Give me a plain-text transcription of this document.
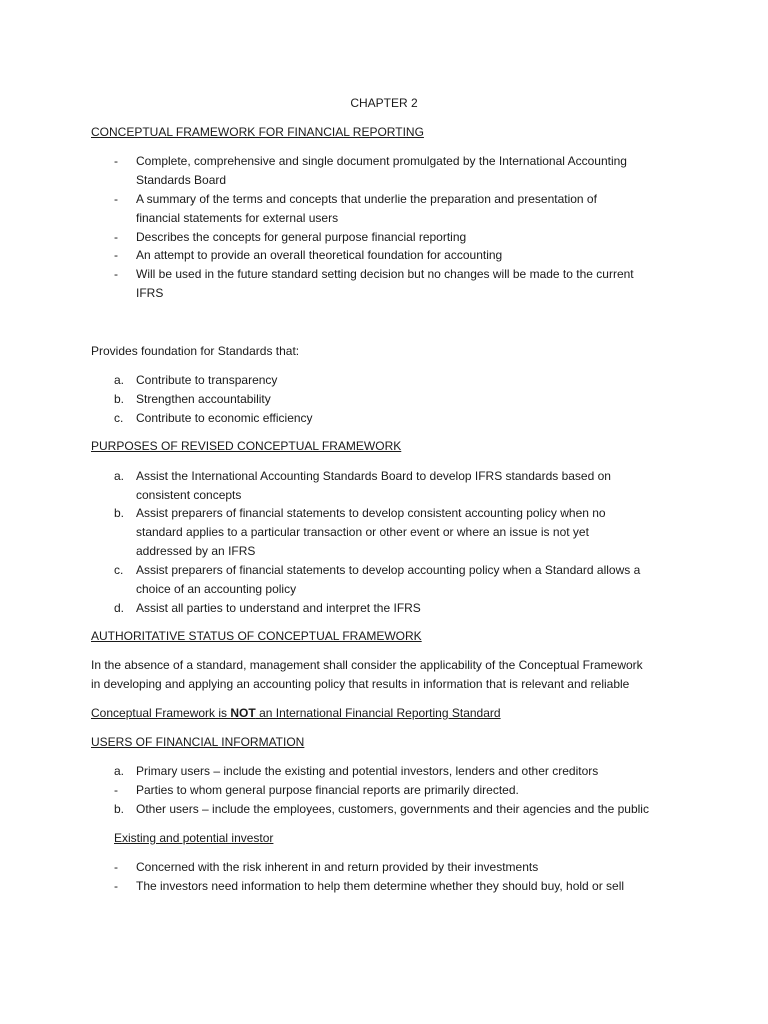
CHAPTER 2
CONCEPTUAL FRAMEWORK FOR FINANCIAL REPORTING
-	Complete, comprehensive and single document promulgated by the International Accounting
Standards Board
-	A summary of the terms and concepts that underlie the preparation and presentation of
financial statements for external users
-	Describes the concepts for general purpose financial reporting
-	An attempt to provide an overall theoretical foundation for accounting
-	Will be used in the future standard setting decision but no changes will be made to the current
IFRS
Provides foundation for Standards that:
a. Contribute to transparency
b. Strengthen accountability
c.	Contribute to economic efficiency
PURPOSES OF REVISED CONCEPTUAL FRAMEWORK
a. Assist the International Accounting Standards Board to develop IFRS standards based on
consistent concepts
b. Assist preparers of financial statements to develop consistent accounting policy when no
standard applies to a particular transaction or other event or where an issue is not yet
addressed by an IFRS
c.	Assist preparers of financial statements to develop accounting policy when a Standard allows a
choice of an accounting policy
d. Assist all parties to understand and interpret the IFRS
AUTHORITATIVE STATUS OF CONCEPTUAL FRAMEWORK
In the absence of a standard, management shall consider the applicability of the Conceptual Framework
in developing and applying an accounting policy that results in information that is relevant and reliable
Conceptual Framework is NOT an International Financial Reporting Standard
USERS OF FINANCIAL INFORMATION
a. Primary users – include the existing and potential investors, lenders and other creditors
-	Parties to whom general purpose financial reports are primarily directed.
b. Other users – include the employees, customers, governments and their agencies and the public
Existing and potential investor
-	Concerned with the risk inherent in and return provided by their investments
-	The investors need information to help them determine whether they should buy, hold or sell
